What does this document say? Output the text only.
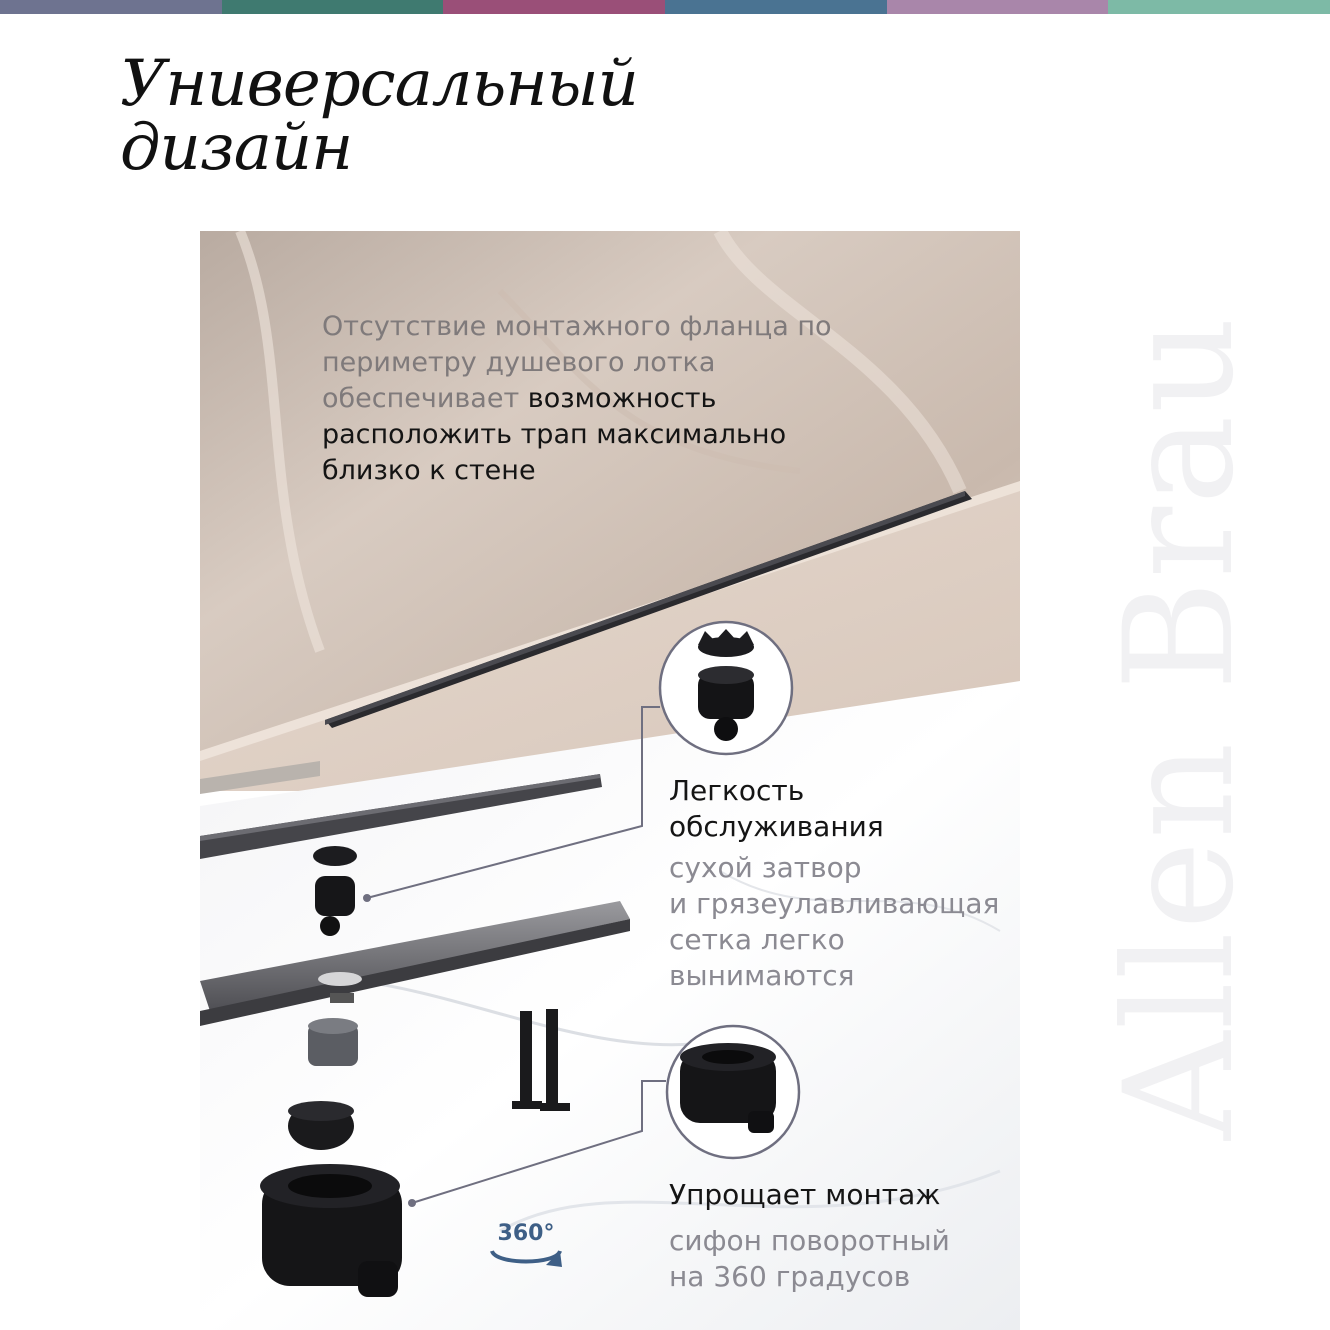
Универсальный
дизайн
Allen Brau
Отсутствие монтажного фланца по периметру душевого лотка обеспечивает возможность расположить трап максимально близко к стене
Легкость
обслуживания
сухой затвор
и грязеулавливающая
сетка легко
вынимаются
Упрощает монтаж
сифон поворотный
на 360 градусов
360°
